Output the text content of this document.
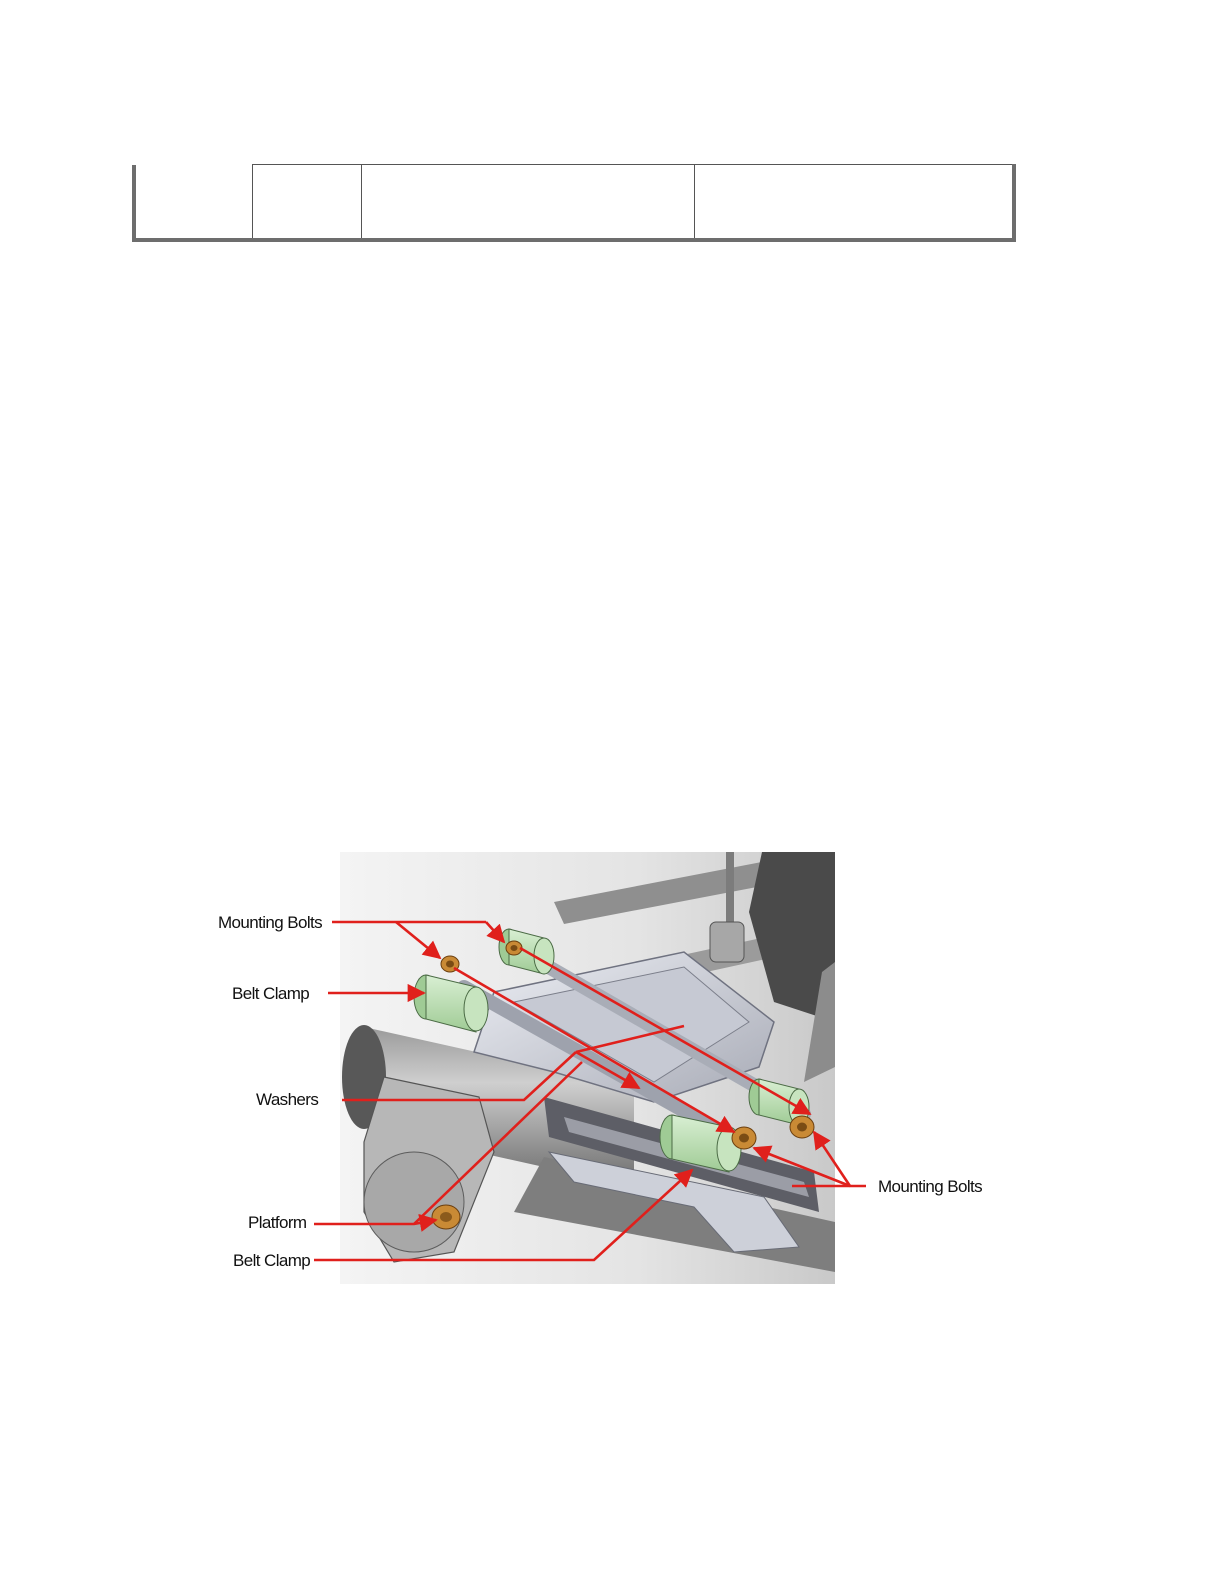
Mounting Bolts
Belt Clamp
Washers
Platform
Belt Clamp
Mounting Bolts
